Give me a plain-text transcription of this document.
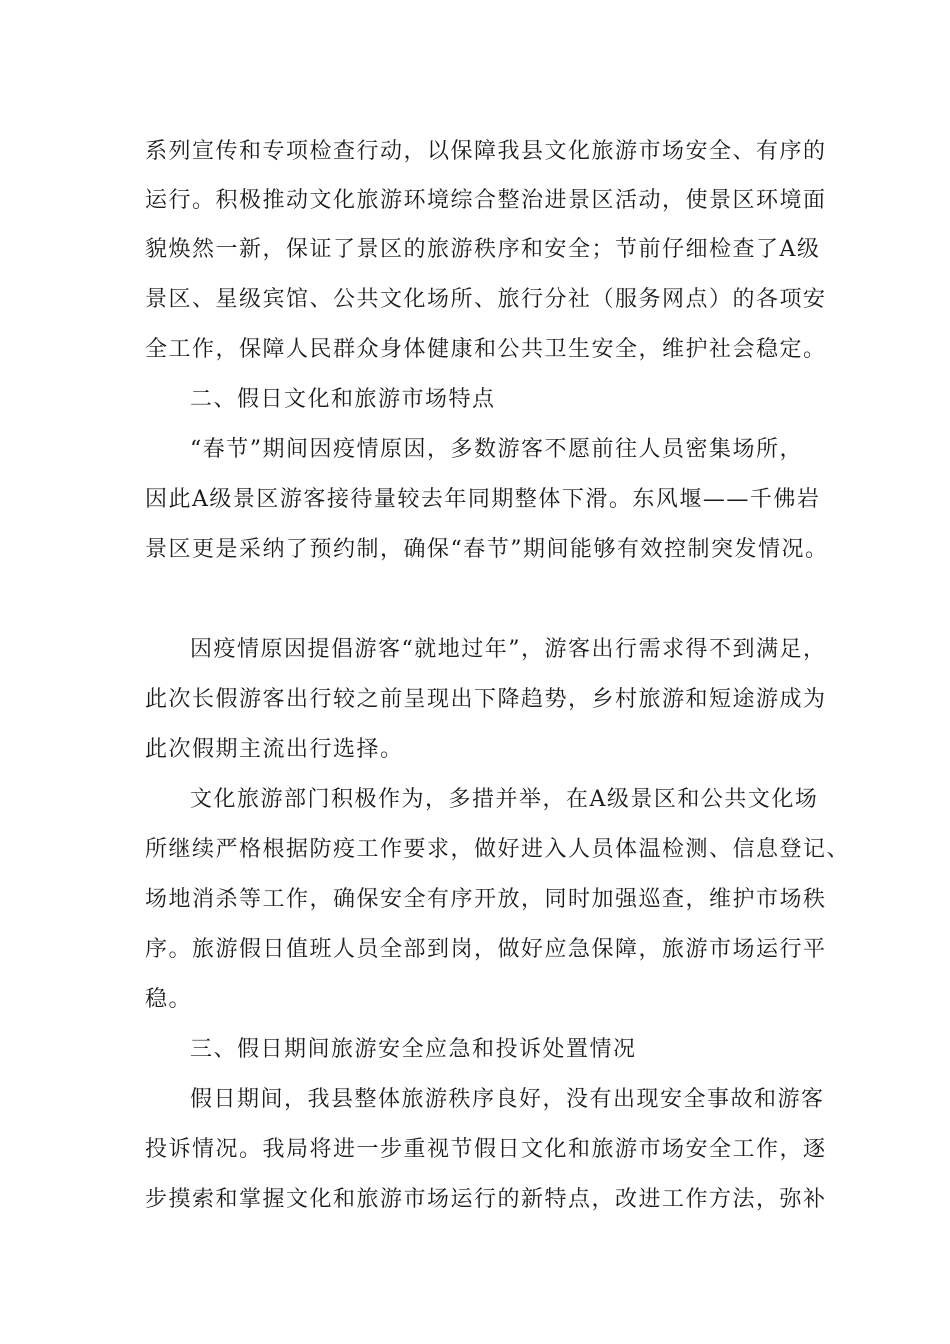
系列宣传和专项检查行动，以保障我县文化旅游市场安全、有序的
运行。积极推动文化旅游环境综合整治进景区活动，使景区环境面
貌焕然一新，保证了景区的旅游秩序和安全；节前仔细检查了A级
景区、星级宾馆、公共文化场所、旅行分社（服务网点）的各项安
全工作，保障人民群众身体健康和公共卫生安全，维护社会稳定。
二、假日文化和旅游市场特点
“春节”期间因疫情原因，多数游客不愿前往人员密集场所，
因此A级景区游客接待量较去年同期整体下滑。东风堰——千佛岩
景区更是采纳了预约制，确保“春节”期间能够有效控制突发情况。
因疫情原因提倡游客“就地过年”，游客出行需求得不到满足，
此次长假游客出行较之前呈现出下降趋势，乡村旅游和短途游成为
此次假期主流出行选择。
文化旅游部门积极作为，多措并举，在A级景区和公共文化场
所继续严格根据防疫工作要求，做好进入人员体温检测、信息登记、
场地消杀等工作，确保安全有序开放，同时加强巡查，维护市场秩
序。旅游假日值班人员全部到岗，做好应急保障，旅游市场运行平
稳。
三、假日期间旅游安全应急和投诉处置情况
假日期间，我县整体旅游秩序良好，没有出现安全事故和游客
投诉情况。我局将进一步重视节假日文化和旅游市场安全工作，逐
步摸索和掌握文化和旅游市场运行的新特点，改进工作方法，弥补
